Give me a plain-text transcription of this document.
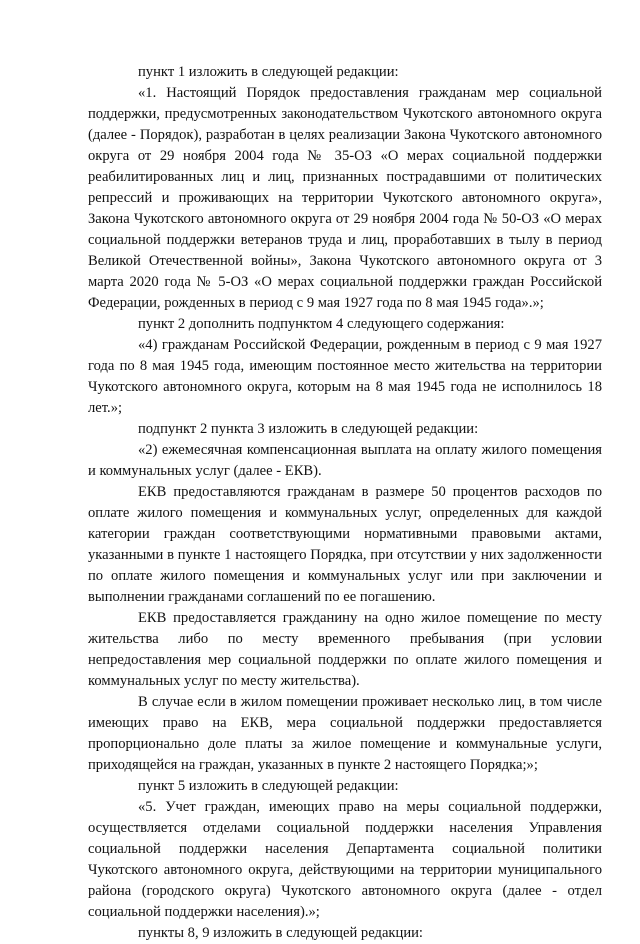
пункт 1 изложить в следующей редакции:

«1. Настоящий Порядок предоставления гражданам мер социальной поддержки, предусмотренных законодательством Чукотского автономного округа (далее - Порядок), разработан в целях реализации Закона Чукотского автономного округа от 29 ноября 2004 года № 35-ОЗ «О мерах социальной поддержки реабилитированных лиц и лиц, признанных пострадавшими от политических репрессий и проживающих на территории Чукотского автономного округа», Закона Чукотского автономного округа от 29 ноября 2004 года № 50-ОЗ «О мерах социальной поддержки ветеранов труда и лиц, проработавших в тылу в период Великой Отечественной войны», Закона Чукотского автономного округа от 3 марта 2020 года № 5-ОЗ «О мерах социальной поддержки граждан Российской Федерации, рожденных в период с 9 мая 1927 года по 8 мая 1945 года».»;

пункт 2 дополнить подпунктом 4 следующего содержания:

«4) гражданам Российской Федерации, рожденным в период с 9 мая 1927 года по 8 мая 1945 года, имеющим постоянное место жительства на территории Чукотского автономного округа, которым на 8 мая 1945 года не исполнилось 18 лет.»;

подпункт 2 пункта 3 изложить в следующей редакции:

«2) ежемесячная компенсационная выплата на оплату жилого помещения и коммунальных услуг (далее - ЕКВ).

ЕКВ предоставляются гражданам в размере 50 процентов расходов по оплате жилого помещения и коммунальных услуг, определенных для каждой категории граждан соответствующими нормативными правовыми актами, указанными в пункте 1 настоящего Порядка, при отсутствии у них задолженности по оплате жилого помещения и коммунальных услуг или при заключении и выполнении гражданами соглашений по ее погашению.

ЕКВ предоставляется гражданину на одно жилое помещение по месту жительства либо по месту временного пребывания (при условии непредоставления мер социальной поддержки по оплате жилого помещения и коммунальных услуг по месту жительства).

В случае если в жилом помещении проживает несколько лиц, в том числе имеющих право на ЕКВ, мера социальной поддержки предоставляется пропорционально доле платы за жилое помещение и коммунальные услуги, приходящейся на граждан, указанных в пункте 2 настоящего Порядка;»;

пункт 5 изложить в следующей редакции:

«5. Учет граждан, имеющих право на меры социальной поддержки, осуществляется отделами социальной поддержки населения Управления социальной поддержки населения Департамента социальной политики Чукотского автономного округа, действующими на территории муниципального района (городского округа) Чукотского автономного округа (далее - отдел социальной поддержки населения).»;

пункты 8, 9 изложить в следующей редакции:
